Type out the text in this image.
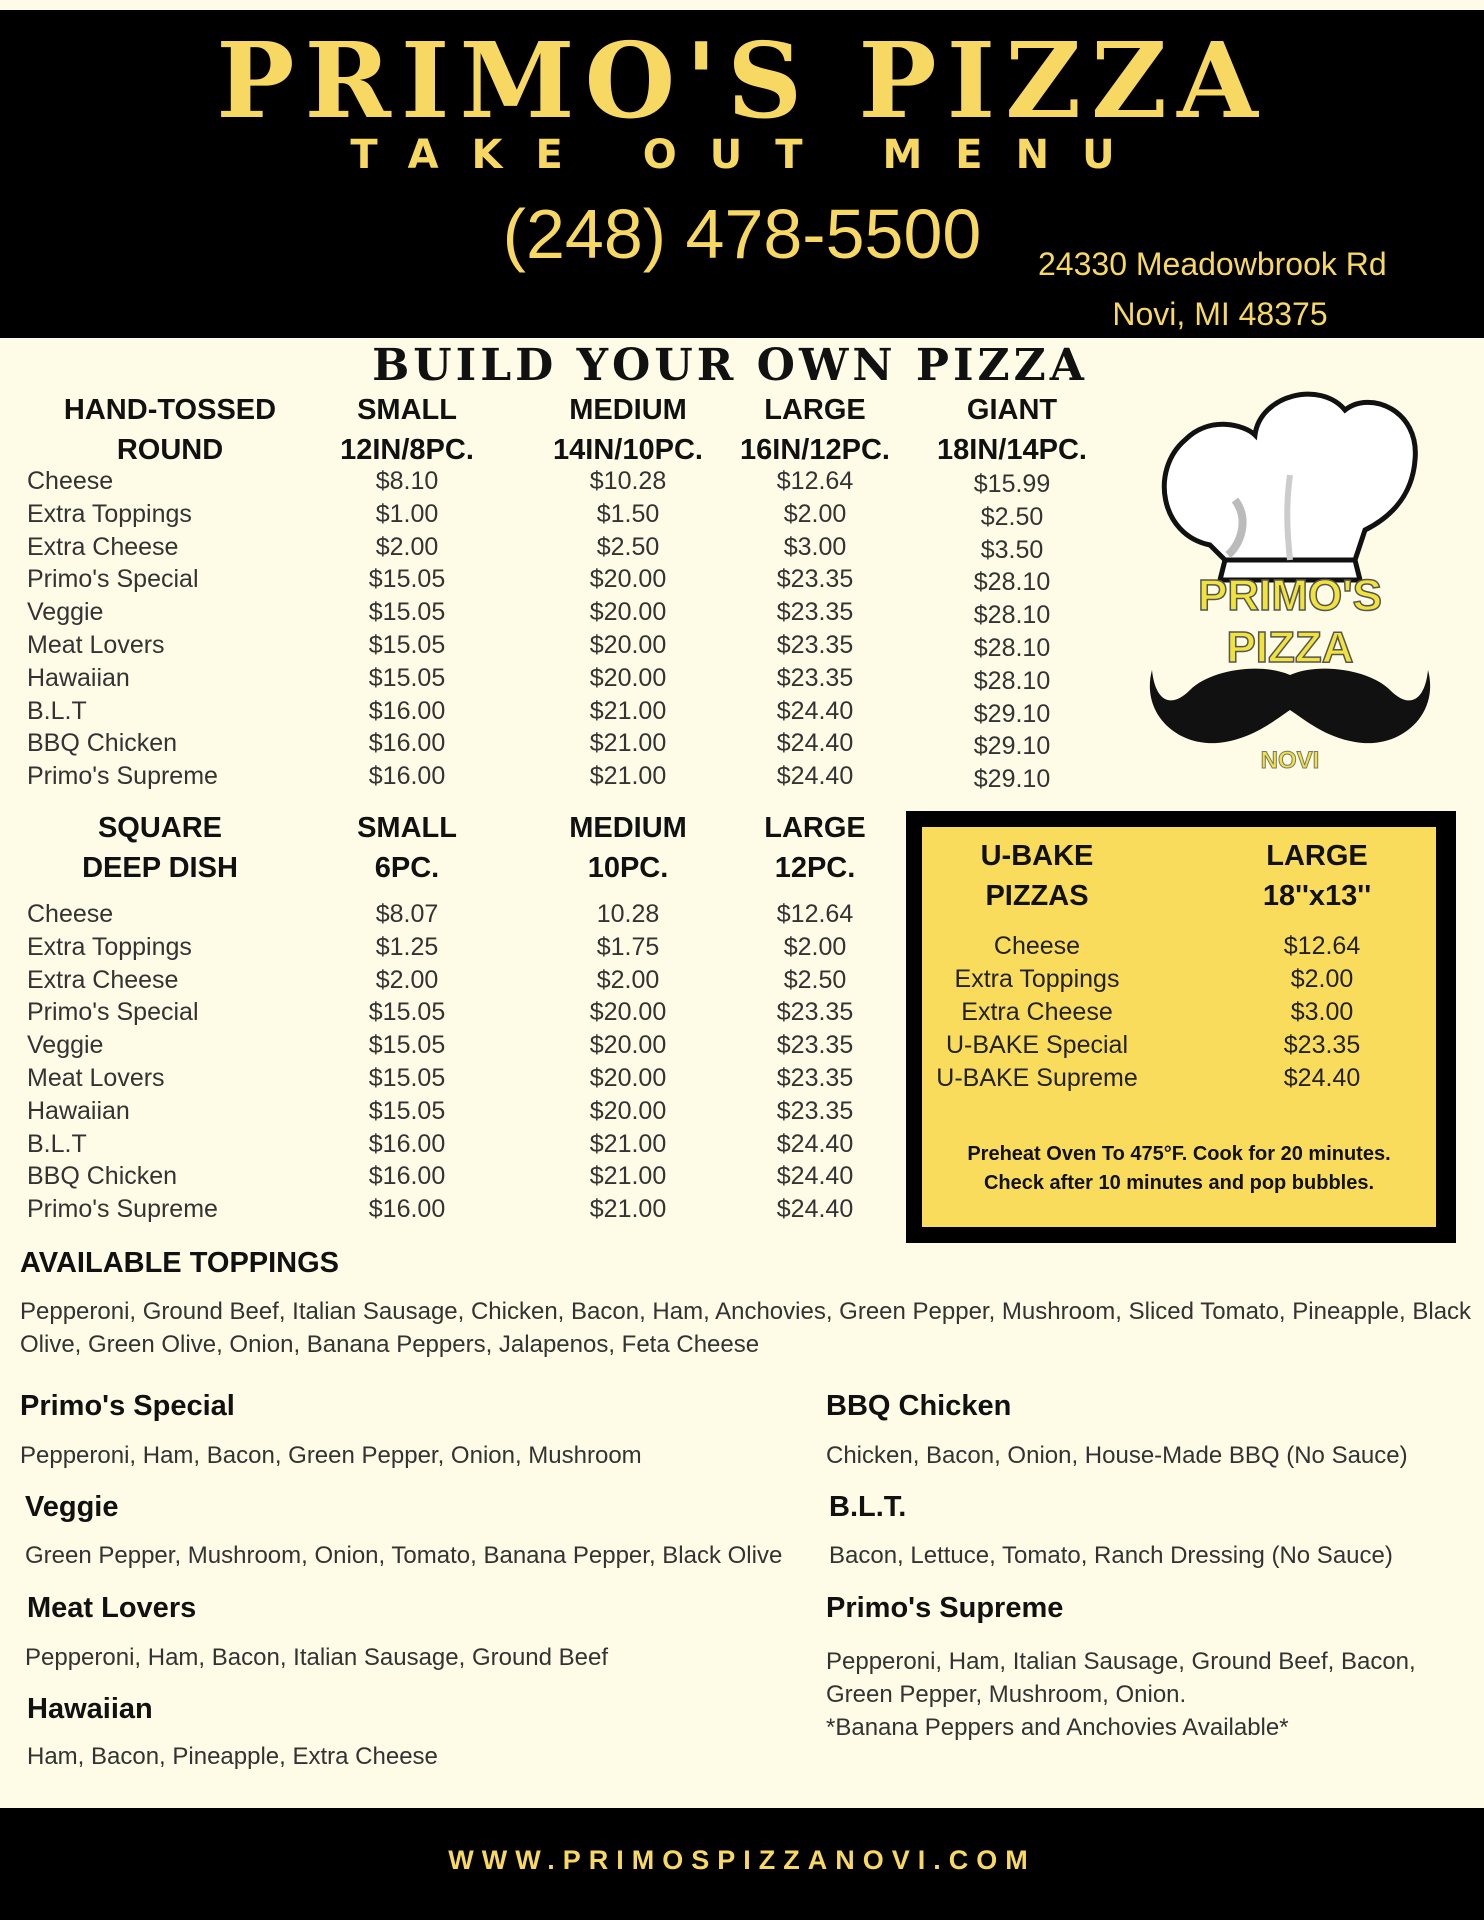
PRIMO'S PIZZA
TAKE OUT MENU
(248) 478-5500	24330 Meadowbrook Rd
Novi, MI 48375
BUILD YOUR OWN PIZZA
HAND-TOSSED
ROUND
SMALL
12IN/8PC.
MEDIUM
14IN/10PC.
LARGE
16IN/12PC.
GIANT
18IN/14PC.
Cheese	$8.10	$10.28	$12.64	$15.99
Extra Toppings	$1.00	$1.50	$2.00	$2.50
Extra Cheese	$2.00	$2.50	$3.00	$3.50
Primo's Special	$15.05	$20.00	$23.35	$28.10
Veggie	$15.05	$20.00	$23.35	$28.10
Meat Lovers	$15.05	$20.00	$23.35	$28.10
Hawaiian	$15.05	$20.00	$23.35	$28.10
B.L.T	$16.00	$21.00	$24.40	$29.10
BBQ Chicken	$16.00	$21.00	$24.40	$29.10
Primo's Supreme	$16.00	$21.00	$24.40	$29.10
SQUARE
DEEP DISH
SMALL
6PC.
MEDIUM
10PC.
LARGE
12PC.
Cheese	$8.07	10.28	$12.64
Extra Toppings	$1.25	$1.75	$2.00
Extra Cheese	$2.00	$2.00	$2.50
Primo's Special	$15.05	$20.00	$23.35
Veggie	$15.05	$20.00	$23.35
Meat Lovers	$15.05	$20.00	$23.35
Hawaiian	$15.05	$20.00	$23.35
B.L.T	$16.00	$21.00	$24.40
BBQ Chicken	$16.00	$21.00	$24.40
Primo's Supreme	$16.00	$21.00	$24.40
PRIMO'S
PIZZA
NOVI
U-BAKE
PIZZAS
LARGE
18''x13''
Cheese	$12.64
Extra Toppings	$2.00
Extra Cheese	$3.00
U-BAKE Special	$23.35
U-BAKE Supreme	$24.40
Preheat Oven To 475°F. Cook for 20 minutes.
Check after 10 minutes and pop bubbles.
AVAILABLE TOPPINGS
Pepperoni, Ground Beef, Italian Sausage, Chicken, Bacon, Ham, Anchovies, Green Pepper, Mushroom, Sliced Tomato, Pineapple, Black
Olive, Green Olive, Onion, Banana Peppers, Jalapenos, Feta Cheese
Primo's Special
Pepperoni, Ham, Bacon, Green Pepper, Onion, Mushroom
Veggie
Green Pepper, Mushroom, Onion, Tomato, Banana Pepper, Black Olive
Meat Lovers
Pepperoni, Ham, Bacon, Italian Sausage, Ground Beef
Hawaiian
Ham, Bacon, Pineapple, Extra Cheese
BBQ Chicken
Chicken, Bacon, Onion, House-Made BBQ (No Sauce)
B.L.T.
Bacon, Lettuce, Tomato, Ranch Dressing (No Sauce)
Primo's Supreme
Pepperoni, Ham, Italian Sausage, Ground Beef, Bacon,
Green Pepper, Mushroom, Onion.
*Banana Peppers and Anchovies Available*
WWW.PRIMOSPIZZANOVI.COM
